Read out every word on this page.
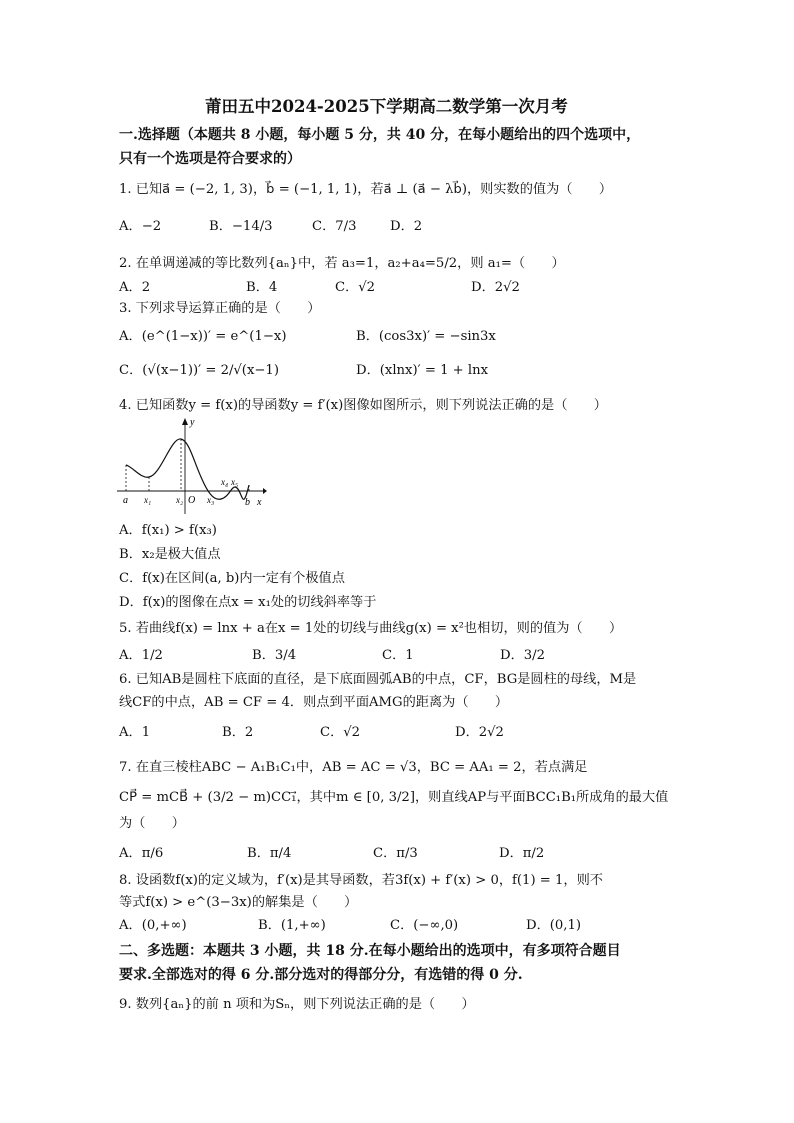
莆田五中2024-2025下学期高二数学第一次月考
一.选择题（本题共 8 小题，每小题 5 分，共 40 分，在每小题给出的四个选项中，
只有一个选项是符合要求的）
1. 已知a⃗ = (−2, 1, 3)，b⃗ = (−1, 1, 1)，若a⃗ ⊥ (a⃗ − λb⃗)，则实数的值为（　　）
A．−2	B．−14/3	C．7/3	D．2
2. 在单调递减的等比数列{aₙ}中，若 a₃=1，a₂+a₄=5/2，则 a₁=（　　）
A．2	B．4	C．√2	D．2√2
3. 下列求导运算正确的是（　　）
A．(e^(1−x))′ = e^(1−x)	B．(cos3x)′ = −sin3x
C．(√(x−1))′ = 2/√(x−1)	D．(xlnx)′ = 1 + lnx
4. 已知函数y = f(x)的导函数y = f′(x)图像如图所示，则下列说法正确的是（　　）
y
x
a x₁	x₂ O x₃
x₄ x₅
b
A．f(x₁) > f(x₃)
B．x₂是极大值点
C．f(x)在区间(a, b)内一定有个极值点
D．f(x)的图像在点x = x₁处的切线斜率等于
5. 若曲线f(x) = lnx + a在x = 1处的切线与曲线g(x) = x²也相切，则的值为（　　）
A．1/2	B．3/4	C．1	D．3/2
6. 已知AB是圆柱下底面的直径，是下底面圆弧AB的中点，CF，BG是圆柱的母线，M是
线CF的中点，AB = CF = 4．则点到平面AMG的距离为（　　）
A．1	B．2	C．√2	D．2√2
7. 在直三棱柱ABC − A₁B₁C₁中，AB = AC = √3，BC = AA₁ = 2，若点满足
CP⃗ = mCB⃗ + (3/2 − m)CC₁⃗，其中m ∈ [0, 3/2]，则直线AP与平面BCC₁B₁所成角的最大值
为（　　）
A．π/6	B．π/4	C．π/3	D．π/2
8. 设函数f(x)的定义域为，f′(x)是其导函数，若3f(x) + f′(x) > 0，f(1) = 1，则不
等式f(x) > e^(3−3x)的解集是（　　）
A．(0,+∞)	B．(1,+∞)	C．(−∞,0)	D．(0,1)
二、多选题：本题共 3 小题，共 18 分.在每小题给出的选项中，有多项符合题目
要求.全部选对的得 6 分.部分选对的得部分分，有选错的得 0 分.
9. 数列{aₙ}的前 n 项和为Sₙ，则下列说法正确的是（　　）
